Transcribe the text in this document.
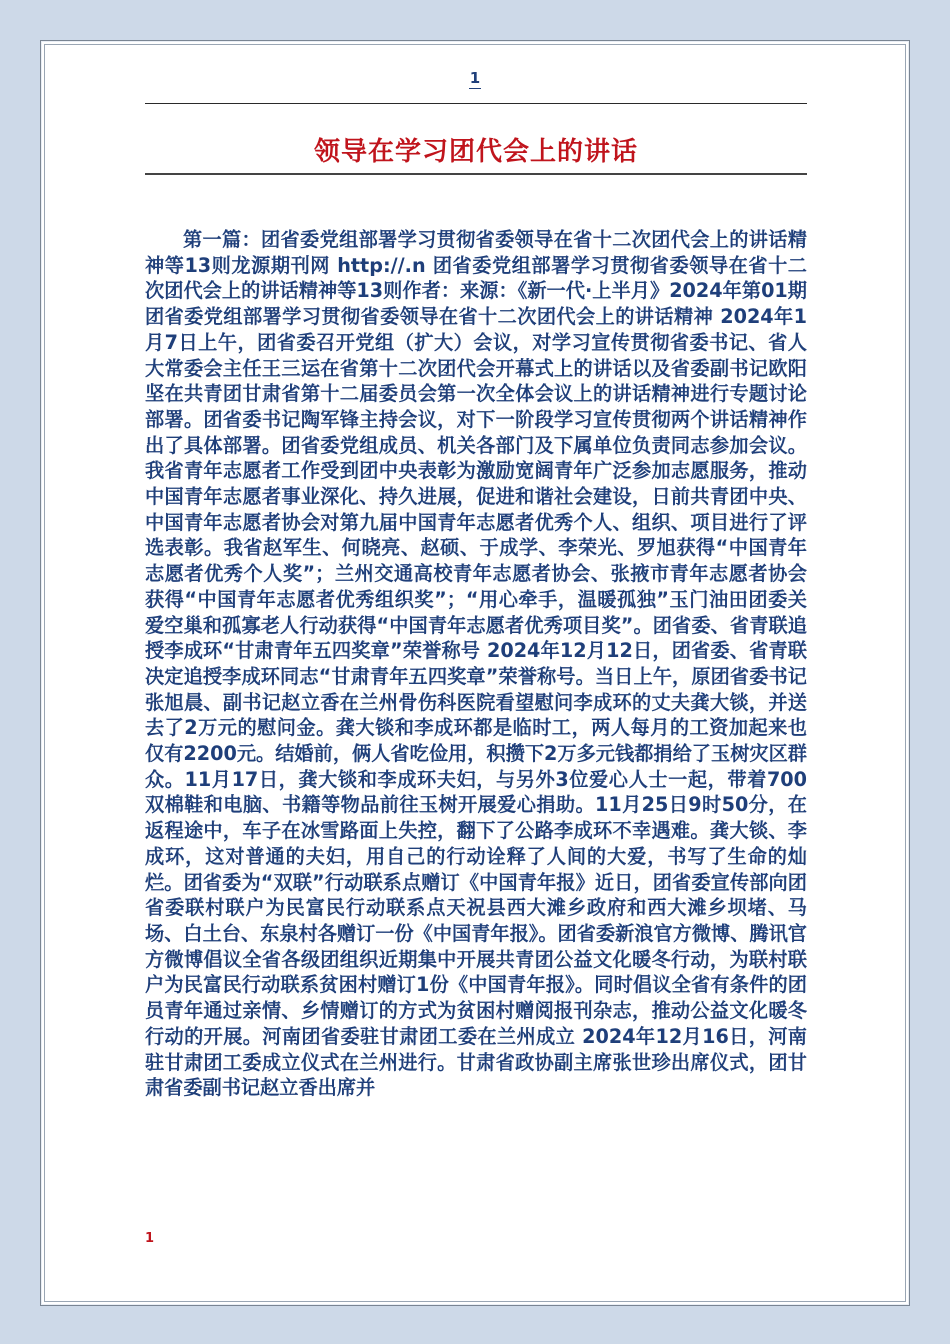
1
领导在学习团代会上的讲话

第一篇：团省委党组部署学习贯彻省委领导在省十二次团代会上的讲话精神等13则龙源期刊网 http://.n 团省委党组部署学习贯彻省委领导在省十二次团代会上的讲话精神等13则作者：来源：《新一代·上半月》2024年第01期团省委党组部署学习贯彻省委领导在省十二次团代会上的讲话精神 2024年1月7日上午，团省委召开党组（扩大）会议，对学习宣传贯彻省委书记、省人大常委会主任王三运在省第十二次团代会开幕式上的讲话以及省委副书记欧阳坚在共青团甘肃省第十二届委员会第一次全体会议上的讲话精神进行专题讨论部署。团省委书记陶军锋主持会议，对下一阶段学习宣传贯彻两个讲话精神作出了具体部署。团省委党组成员、机关各部门及下属单位负责同志参加会议。我省青年志愿者工作受到团中央表彰为激励宽阔青年广泛参加志愿服务，推动中国青年志愿者事业深化、持久进展，促进和谐社会建设，日前共青团中央、中国青年志愿者协会对第九届中国青年志愿者优秀个人、组织、项目进行了评选表彰。我省赵军生、何晓亮、赵硕、于成学、李荣光、罗旭获得“中国青年志愿者优秀个人奖”；兰州交通高校青年志愿者协会、张掖市青年志愿者协会获得“中国青年志愿者优秀组织奖”；“用心牵手，温暖孤独”玉门油田团委关爱空巢和孤寡老人行动获得“中国青年志愿者优秀项目奖”。团省委、省青联追授李成环“甘肃青年五四奖章”荣誉称号 2024年12月12日，团省委、省青联决定追授李成环同志“甘肃青年五四奖章”荣誉称号。当日上午，原团省委书记张旭晨、副书记赵立香在兰州骨伤科医院看望慰问李成环的丈夫龚大锬，并送去了2万元的慰问金。龚大锬和李成环都是临时工，两人每月的工资加起来也仅有2200元。结婚前，俩人省吃俭用，积攒下2万多元钱都捐给了玉树灾区群众。11月17日，龚大锬和李成环夫妇，与另外3位爱心人士一起，带着700双棉鞋和电脑、书籍等物品前往玉树开展爱心捐助。11月25日9时50分，在返程途中，车子在冰雪路面上失控，翻下了公路李成环不幸遇难。龚大锬、李成环，这对普通的夫妇，用自己的行动诠释了人间的大爱，书写了生命的灿烂。团省委为“双联”行动联系点赠订《中国青年报》近日，团省委宣传部向团省委联村联户为民富民行动联系点天祝县西大滩乡政府和西大滩乡坝堵、马场、白土台、东泉村各赠订一份《中国青年报》。团省委新浪官方微博、腾讯官方微博倡议全省各级团组织近期集中开展共青团公益文化暖冬行动，为联村联户为民富民行动联系贫困村赠订1份《中国青年报》。同时倡议全省有条件的团员青年通过亲情、乡情赠订的方式为贫困村赠阅报刊杂志，推动公益文化暖冬行动的开展。河南团省委驻甘肃团工委在兰州成立 2024年12月16日，河南驻甘肃团工委成立仪式在兰州进行。甘肃省政协副主席张世珍出席仪式，团甘肃省委副书记赵立香出席并

1
